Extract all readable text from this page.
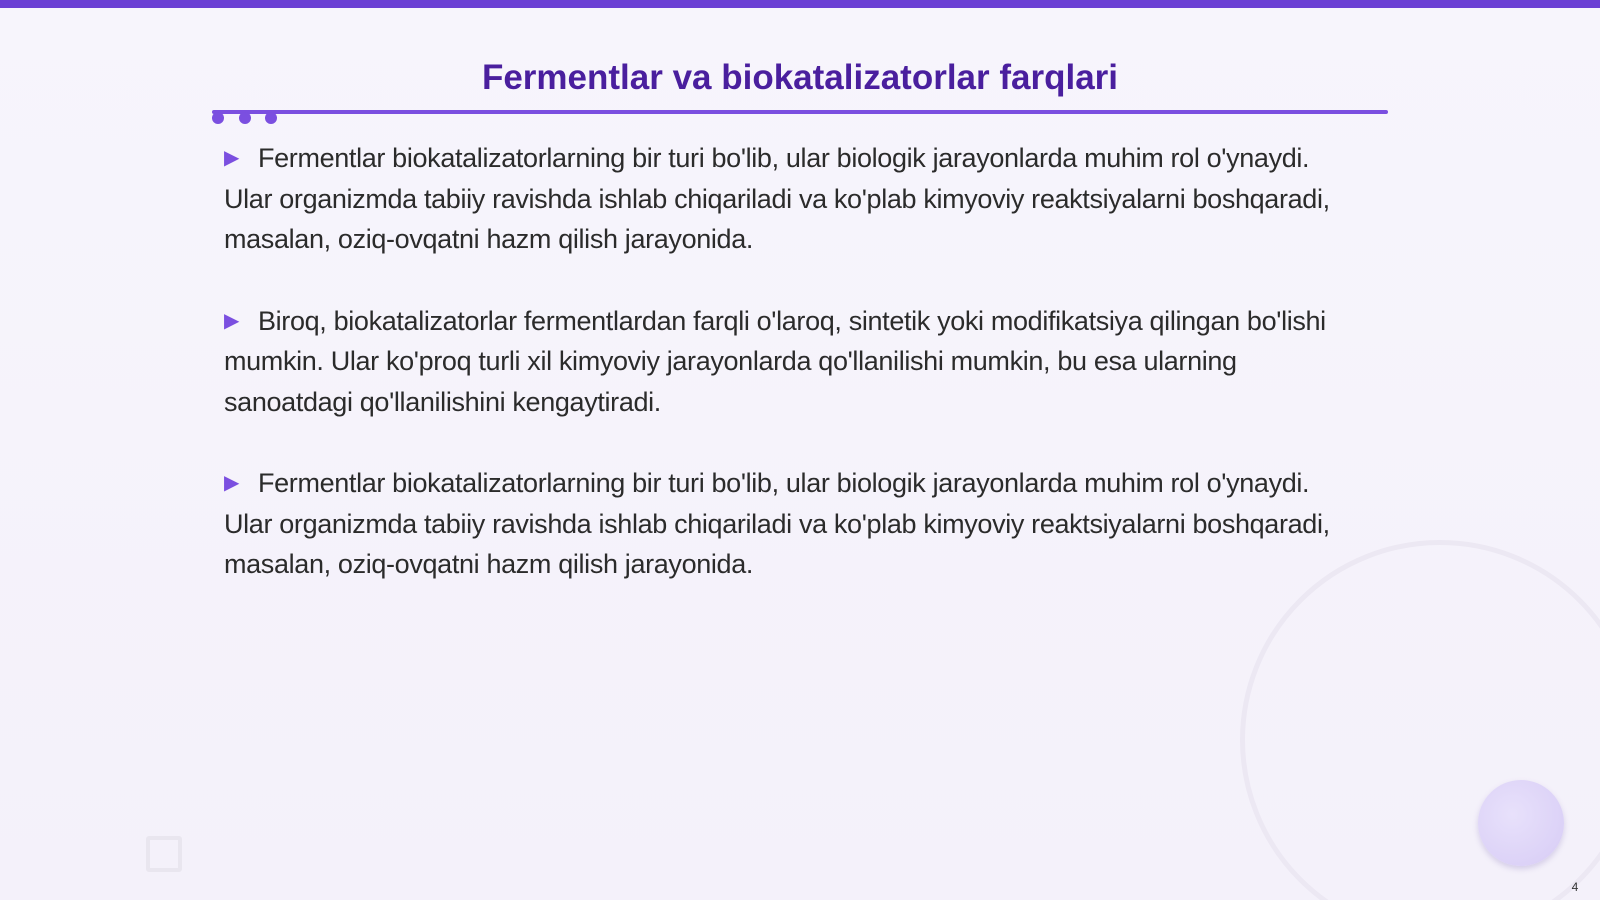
Fermentlar va biokatalizatorlar farqlari
▶ Fermentlar biokatalizatorlarning bir turi bo'lib, ular biologik jarayonlarda muhim rol o'ynaydi. Ular organizmda tabiiy ravishda ishlab chiqariladi va ko'plab kimyoviy reaktsiyalarni boshqaradi, masalan, oziq-ovqatni hazm qilish jarayonida.
▶ Biroq, biokatalizatorlar fermentlardan farqli o'laroq, sintetik yoki modifikatsiya qilingan bo'lishi mumkin. Ular ko'proq turli xil kimyoviy jarayonlarda qo'llanilishi mumkin, bu esa ularning sanoatdagi qo'llanilishini kengaytiradi.
▶ Fermentlar biokatalizatorlarning bir turi bo'lib, ular biologik jarayonlarda muhim rol o'ynaydi. Ular organizmda tabiiy ravishda ishlab chiqariladi va ko'plab kimyoviy reaktsiyalarni boshqaradi, masalan, oziq-ovqatni hazm qilish jarayonida.
4
